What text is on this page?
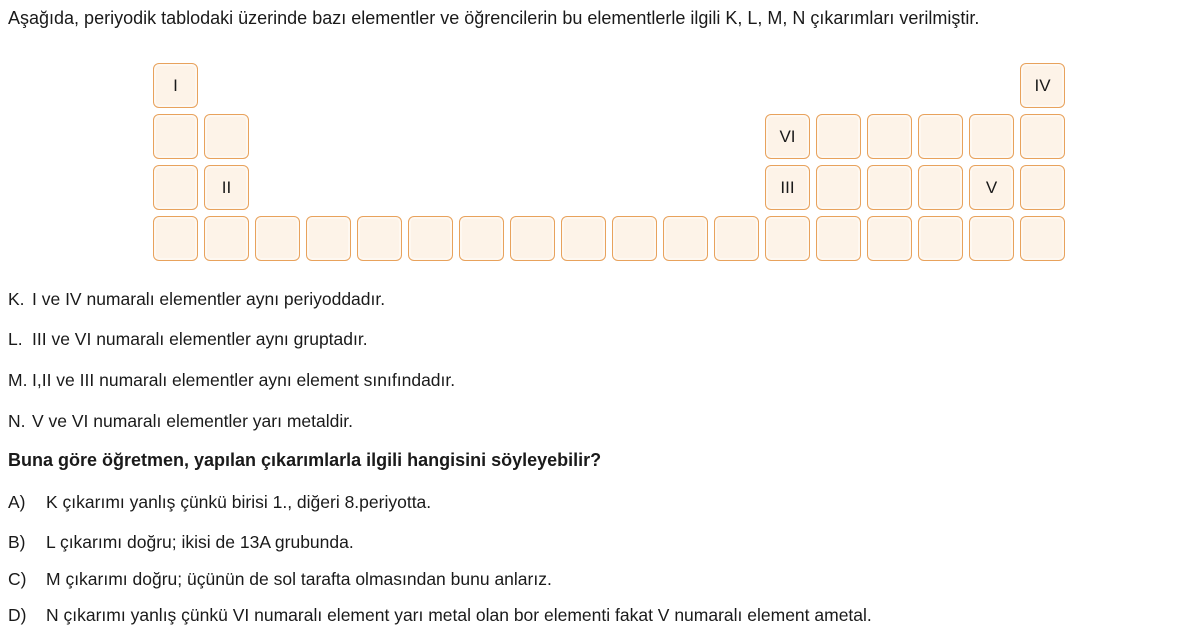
Aşağıda, periyodik tablodaki üzerinde bazı elementler ve öğrencilerin bu elementlerle ilgili K, L, M, N çıkarımları verilmiştir.
I	IV
VI
II	III	V
K. I ve IV numaralı elementler aynı periyoddadır.
L. III ve VI numaralı elementler aynı gruptadır.
M. I,II ve III numaralı elementler aynı element sınıfındadır.
N. V ve VI numaralı elementler yarı metaldir.
Buna göre öğretmen, yapılan çıkarımlarla ilgili hangisini söyleyebilir?
A) K çıkarımı yanlış çünkü birisi 1., diğeri 8.periyotta.
B) L çıkarımı doğru; ikisi de 13A grubunda.
C) M çıkarımı doğru; üçünün de sol tarafta olmasından bunu anlarız.
D) N çıkarımı yanlış çünkü VI numaralı element yarı metal olan bor elementi fakat V numaralı element ametal.
